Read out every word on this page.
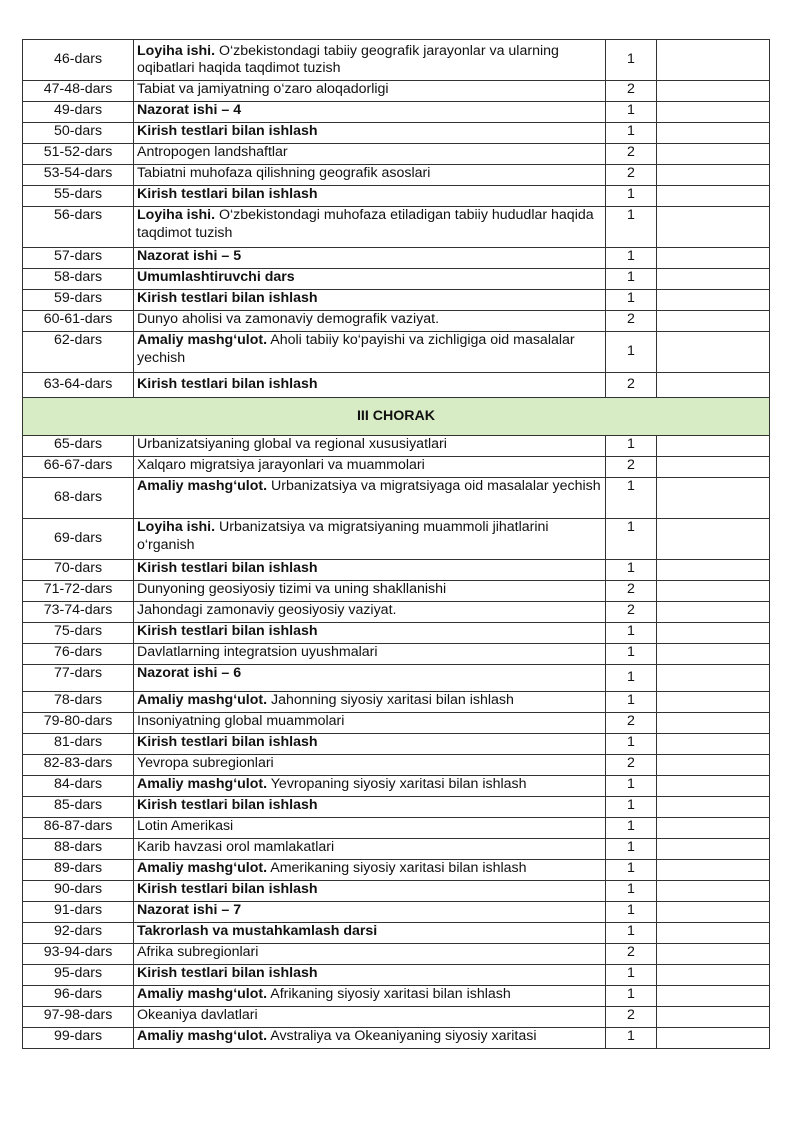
46-dars	Loyiha ishi. O‘zbekistondagi tabiiy geografik jarayonlar va ularning oqibatlari haqida taqdimot tuzish	1	
47-48-dars	Tabiat va jamiyatning o‘zaro aloqadorligi	2	
49-dars	Nazorat ishi – 4	1	
50-dars	Kirish testlari bilan ishlash	1	
51-52-dars	Antropogen landshaftlar	2	
53-54-dars	Tabiatni muhofaza qilishning geografik asoslari	2	
55-dars	Kirish testlari bilan ishlash	1	
56-dars	Loyiha ishi. O‘zbekistondagi muhofaza etiladigan tabiiy hududlar haqida taqdimot tuzish	1	
57-dars	Nazorat ishi – 5	1	
58-dars	Umumlashtiruvchi dars	1	
59-dars	Kirish testlari bilan ishlash	1	
60-61-dars	Dunyo aholisi va zamonaviy demografik vaziyat.	2	
62-dars	Amaliy mashg‘ulot. Aholi tabiiy ko‘payishi va zichligiga oid masalalar yechish	1	
63-64-dars	Kirish testlari bilan ishlash	2	
III CHORAK			
65-dars	Urbanizatsiyaning global va regional xususiyatlari	1	
66-67-dars	Xalqaro migratsiya jarayonlari va muammolari	2	
68-dars	Amaliy mashg‘ulot. Urbanizatsiya va migratsiyaga oid masalalar yechish	1	
69-dars	Loyiha ishi. Urbanizatsiya va migratsiyaning muammoli jihatlarini o‘rganish	1	
70-dars	Kirish testlari bilan ishlash	1	
71-72-dars	Dunyoning geosiyosiy tizimi va uning shakllanishi	2	
73-74-dars	Jahondagi zamonaviy geosiyosiy vaziyat.	2	
75-dars	Kirish testlari bilan ishlash	1	
76-dars	Davlatlarning integratsion uyushmalari	1	
77-dars	Nazorat ishi – 6	1	
78-dars	Amaliy mashg‘ulot. Jahonning siyosiy xaritasi bilan ishlash	1	
79-80-dars	Insoniyatning global muammolari	2	
81-dars	Kirish testlari bilan ishlash	1	
82-83-dars	Yevropa subregionlari	2	
84-dars	Amaliy mashg‘ulot. Yevropaning siyosiy xaritasi bilan ishlash	1	
85-dars	Kirish testlari bilan ishlash	1	
86-87-dars	Lotin Amerikasi	1	
88-dars	Karib havzasi orol mamlakatlari	1	
89-dars	Amaliy mashg‘ulot. Amerikaning siyosiy xaritasi bilan ishlash	1	
90-dars	Kirish testlari bilan ishlash	1	
91-dars	Nazorat ishi – 7	1	
92-dars	Takrorlash va mustahkamlash darsi	1	
93-94-dars	Afrika subregionlari	2	
95-dars	Kirish testlari bilan ishlash	1	
96-dars	Amaliy mashg‘ulot. Afrikaning siyosiy xaritasi bilan ishlash	1	
97-98-dars	Okeaniya davlatlari	2	
99-dars	Amaliy mashg‘ulot. Avstraliya va Okeaniyaning siyosiy xaritasi	1	
